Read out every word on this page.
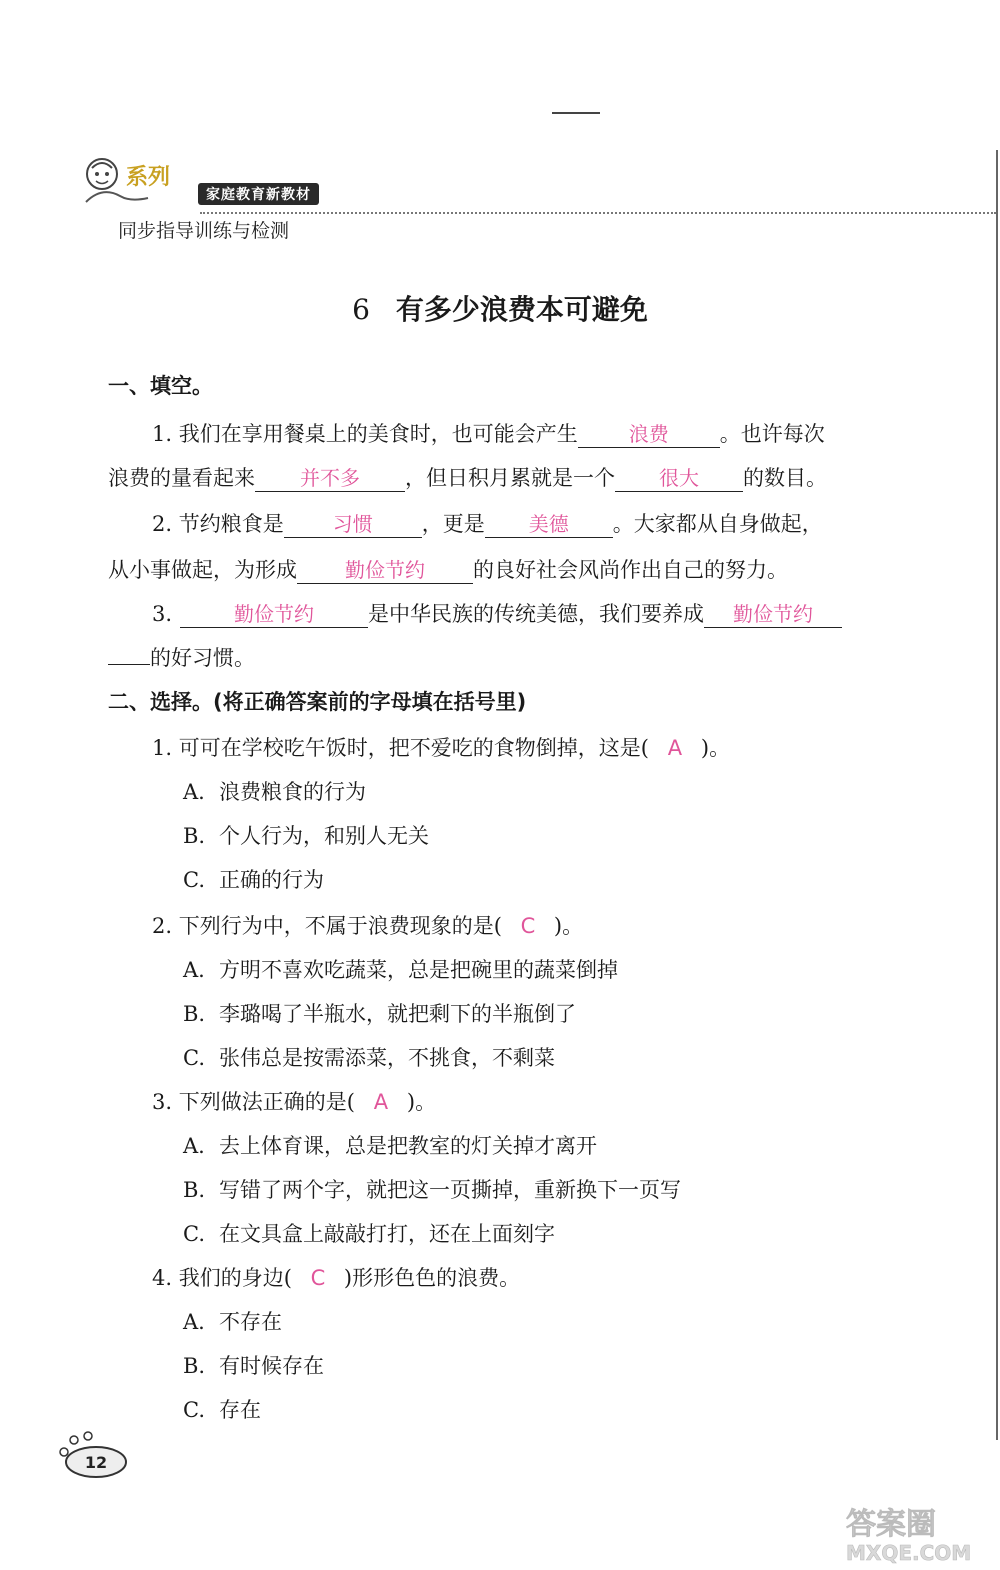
系列
家庭教育新教材
同步指导训练与检测
6 有多少浪费本可避免
一、填空。
1. 我们在享用餐桌上的美食时，也可能会产生	浪费 。也许每次
浪费的量看起来 并不多 ，但日积月累就是一个 很大 的数目。
2. 节约粮食是 习惯 ，更是 美德 。大家都从自身做起，
从小事做起，为形成 勤俭节约 的良好社会风尚作出自己的努力。
3.	勤俭节约	是中华民族的传统美德，我们要养成 勤俭节约
的好习惯。
二、选择。(将正确答案前的字母填在括号里)
1. 可可在学校吃午饭时，把不爱吃的食物倒掉，这是( A )。
A. 浪费粮食的行为
B. 个人行为，和别人无关
C. 正确的行为
2. 下列行为中，不属于浪费现象的是( C )。
A. 方明不喜欢吃蔬菜，总是把碗里的蔬菜倒掉
B. 李璐喝了半瓶水，就把剩下的半瓶倒了
C. 张伟总是按需添菜，不挑食，不剩菜
3. 下列做法正确的是( A )。
A. 去上体育课，总是把教室的灯关掉才离开
B. 写错了两个字，就把这一页撕掉，重新换下一页写
C. 在文具盒上敲敲打打，还在上面刻字
4. 我们的身边( C )形形色色的浪费。
A. 不存在
B. 有时候存在
C. 存在
12
答案圈 MXQE.COM
